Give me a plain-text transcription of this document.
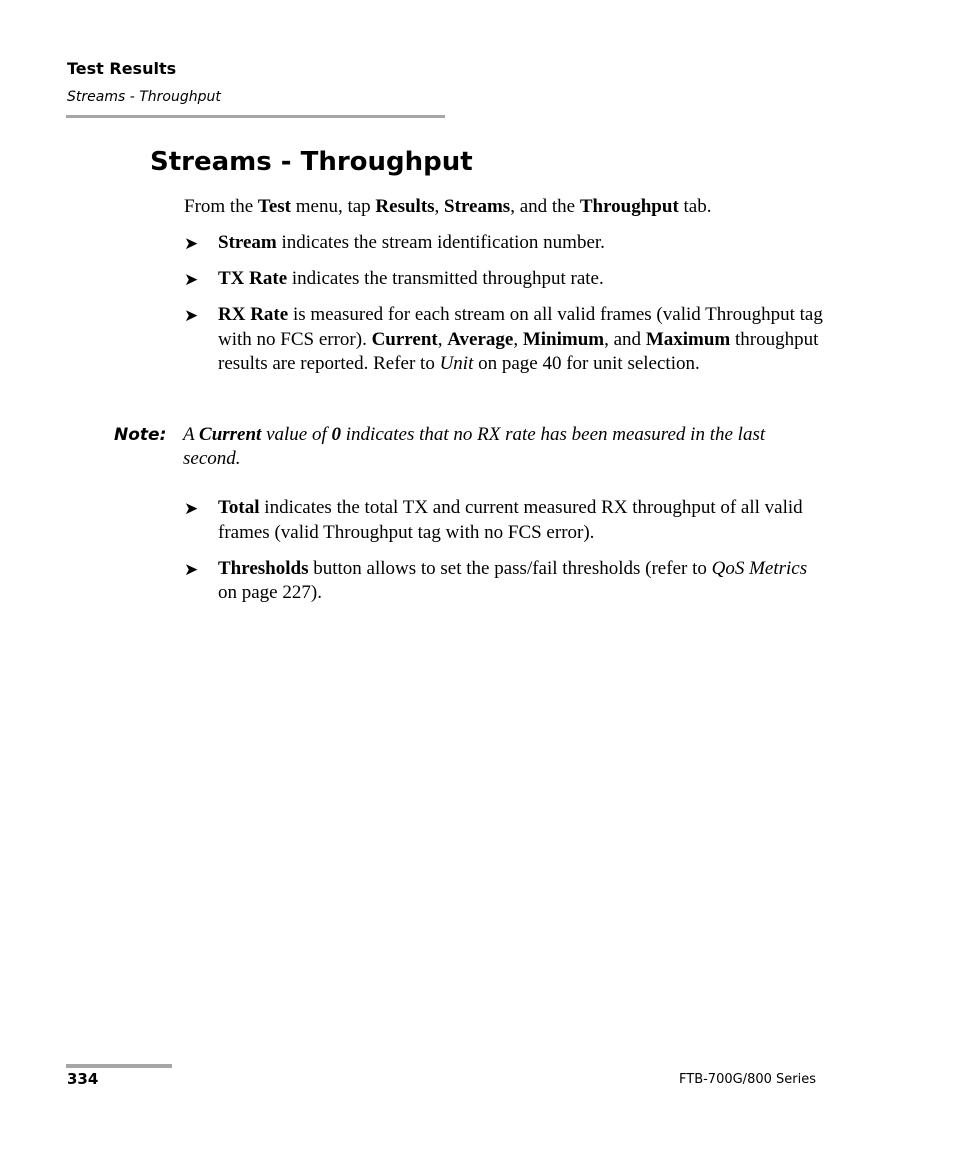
Test Results
Streams - Throughput
Streams - Throughput

From the Test menu, tap Results, Streams, and the Throughput tab.

➤ Stream indicates the stream identification number.
➤ TX Rate indicates the transmitted throughput rate.
➤ RX Rate is measured for each stream on all valid frames (valid Throughput tag with no FCS error). Current, Average, Minimum, and Maximum throughput results are reported. Refer to Unit on page 40 for unit selection.
Note: A Current value of 0 indicates that no RX rate has been measured in the last second.
➤ Total indicates the total TX and current measured RX throughput of all valid frames (valid Throughput tag with no FCS error).
➤ Thresholds button allows to set the pass/fail thresholds (refer to QoS Metrics on page 227).
334	FTB-700G/800 Series
